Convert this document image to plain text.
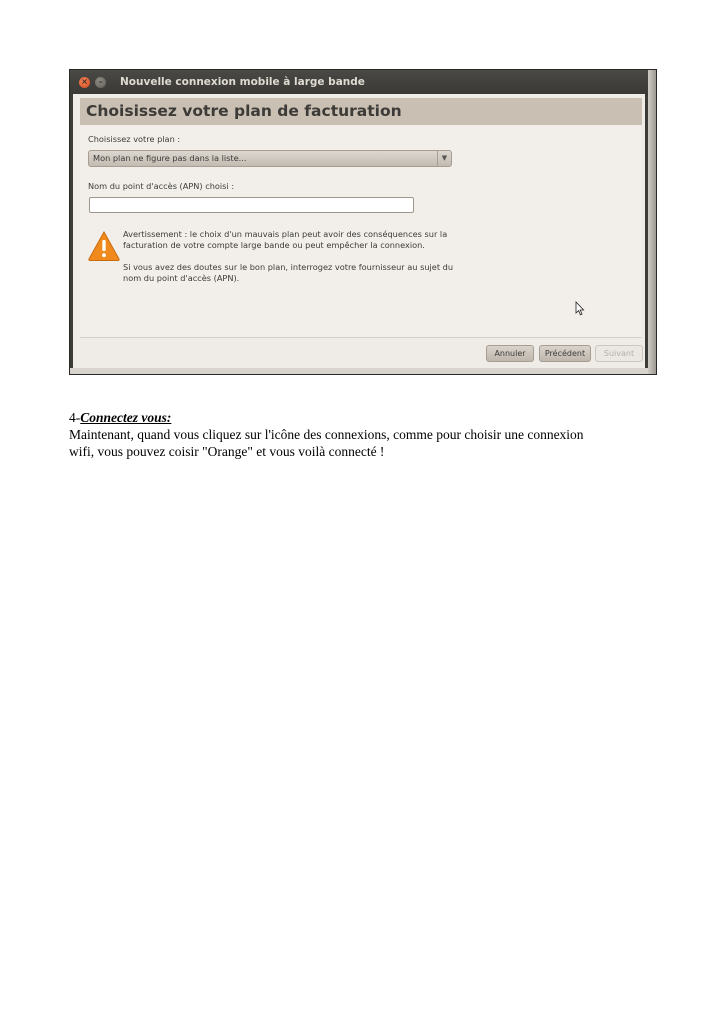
×	–	Nouvelle connexion mobile à large bande
Choisissez votre plan de facturation
Choisissez votre plan :
Mon plan ne figure pas dans la liste...	▼
Nom du point d'accès (APN) choisi :

Avertissement : le choix d'un mauvais plan peut avoir des conséquences sur la facturation de votre compte large bande ou peut empêcher la connexion.

Si vous avez des doutes sur le bon plan, interrogez votre fournisseur au sujet du nom du point d'accès (APN).

Annuler	Précédent	Suivant

4-Connectez vous:

Maintenant, quand vous cliquez sur l'icône des connexions, comme pour choisir une connexion

wifi, vous pouvez coisir "Orange" et vous voilà connecté !
